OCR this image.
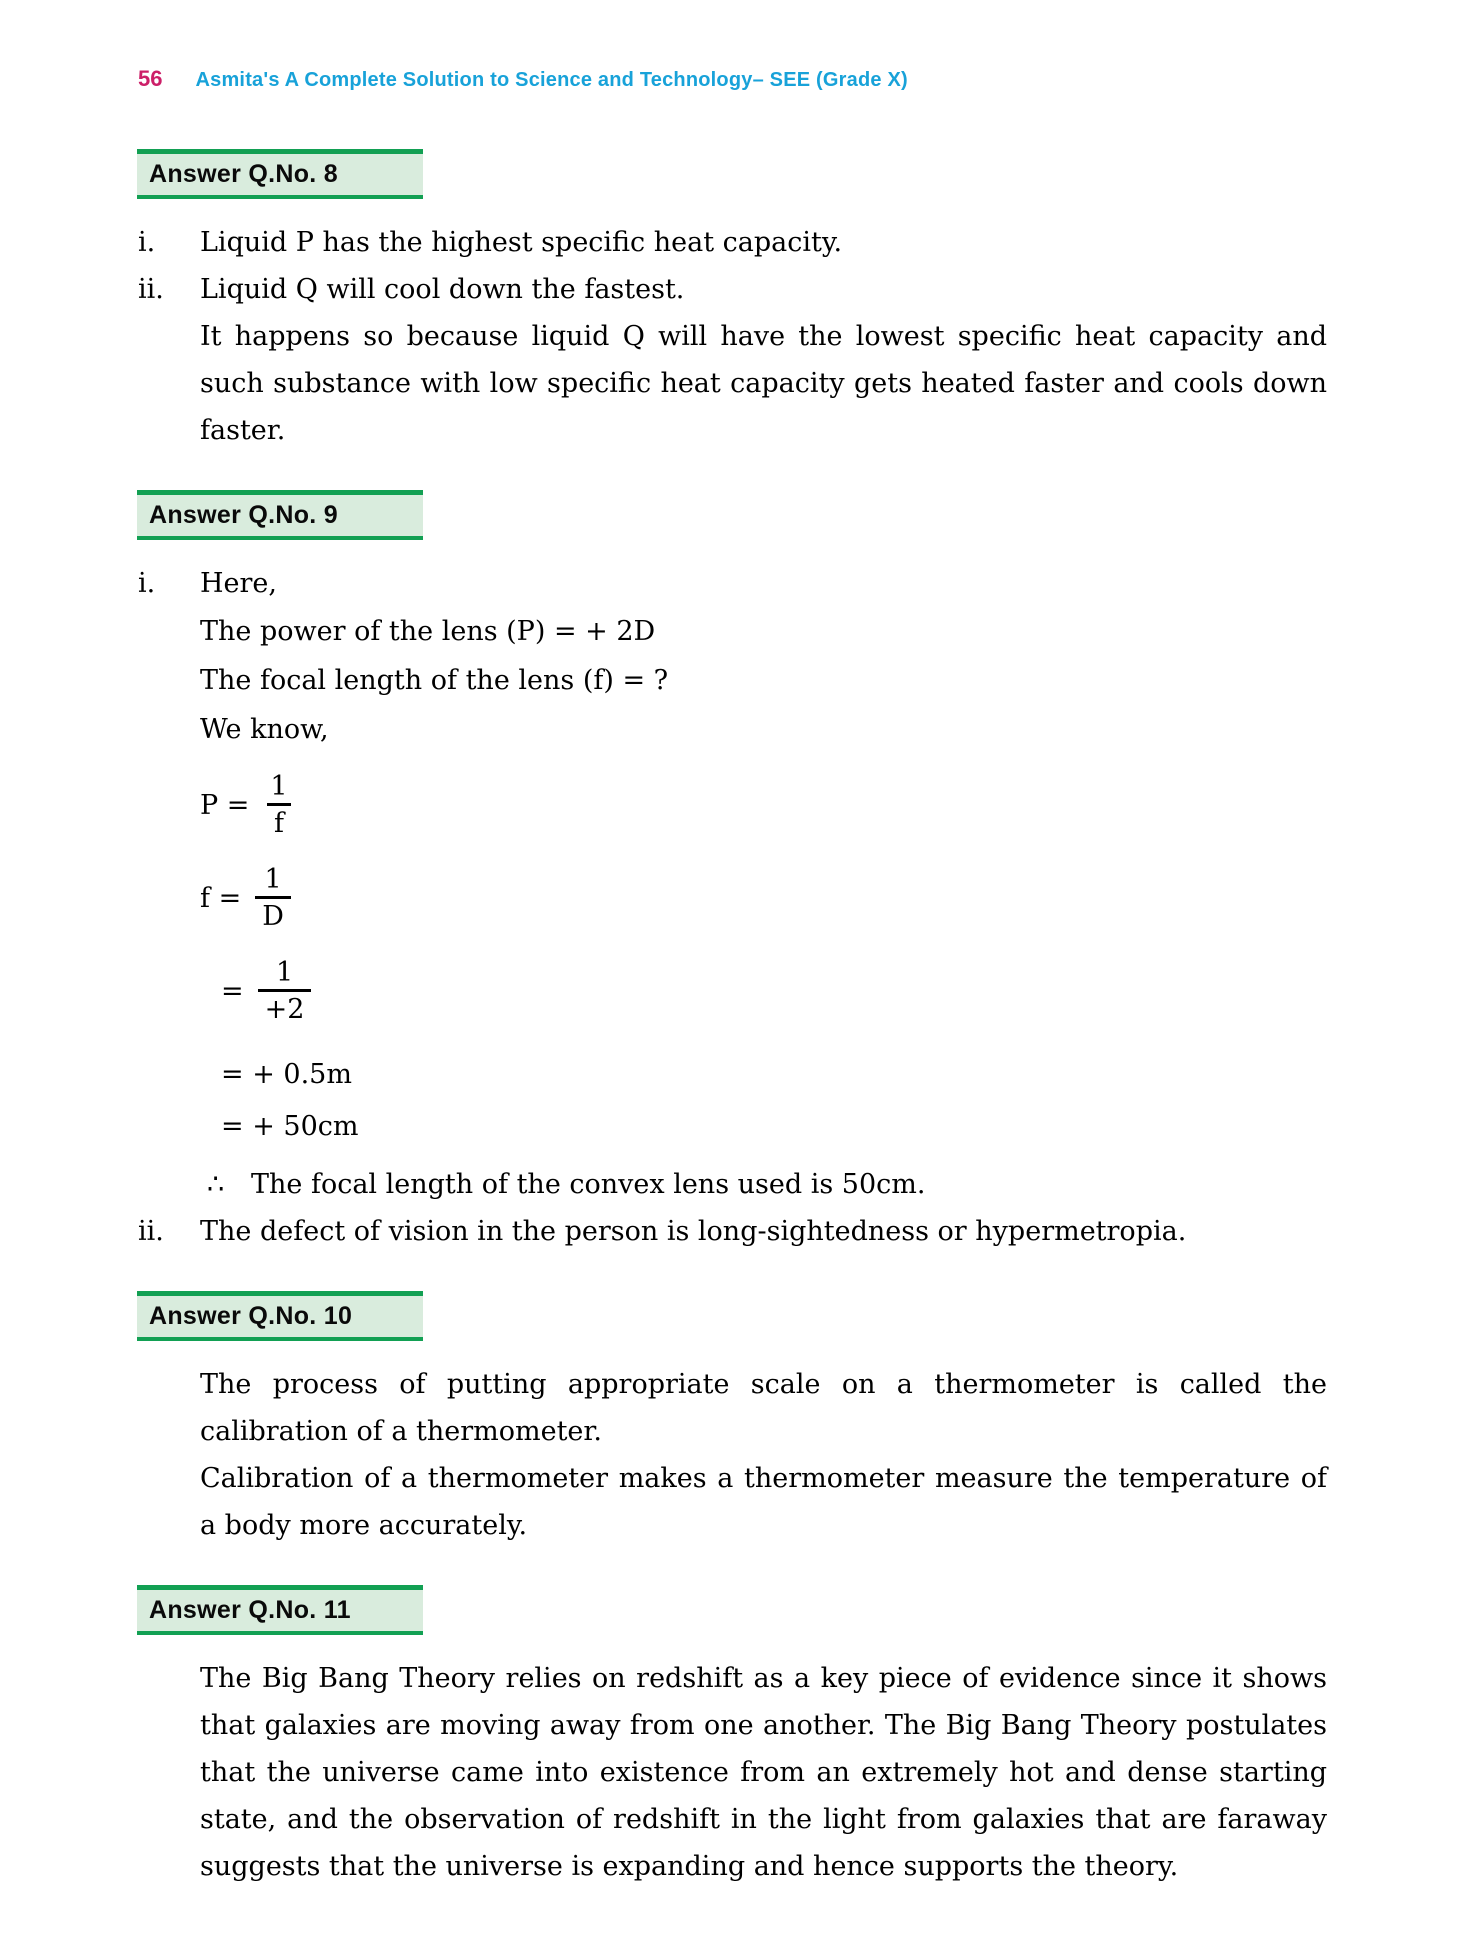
56 Asmita's A Complete Solution to Science and Technology– SEE (Grade X)
Answer Q.No. 8
i.	Liquid P has the highest specific heat capacity.
ii.	Liquid Q will cool down the fastest.
It happens so because liquid Q will have the lowest specific heat capacity and such substance with low specific heat capacity gets heated faster and cools down faster.
Answer Q.No. 9
i.	Here,
The power of the lens (P) = + 2D
The focal length of the lens (f) = ?
We know,
$P = \frac{1}{f}$
$f = \frac{1}{D}$
= $\frac{1}{+2}$
= + 0.5m
= + 50cm
∴ The focal length of the convex lens used is 50cm.
ii.	The defect of vision in the person is long-sightedness or hypermetropia.
Answer Q.No. 10
The process of putting appropriate scale on a thermometer is called the calibration of a thermometer.
Calibration of a thermometer makes a thermometer measure the temperature of a body more accurately.
Answer Q.No. 11
The Big Bang Theory relies on redshift as a key piece of evidence since it shows that galaxies are moving away from one another. The Big Bang Theory postulates that the universe came into existence from an extremely hot and dense starting state, and the observation of redshift in the light from galaxies that are faraway suggests that the universe is expanding and hence supports the theory.
